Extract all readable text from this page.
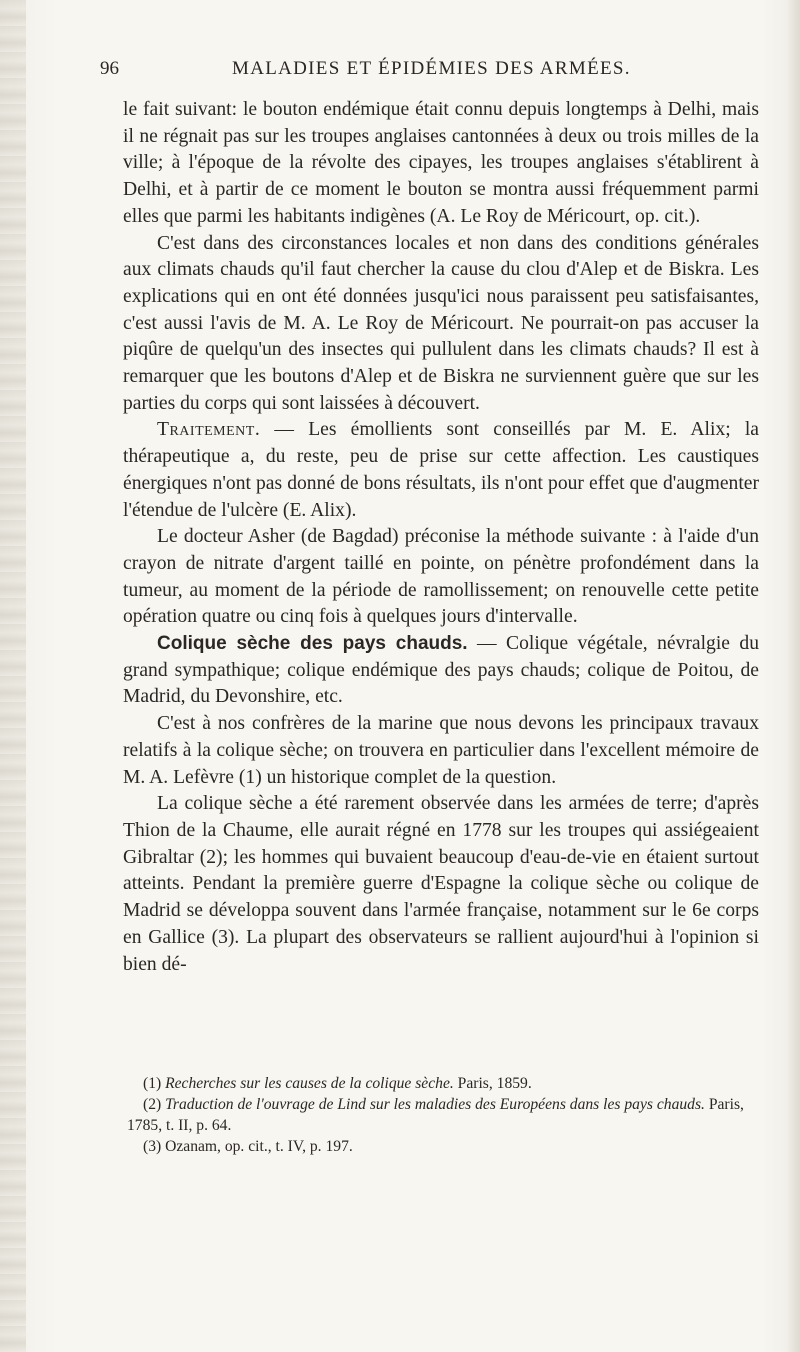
96	MALADIES ET ÉPIDÉMIES DES ARMÉES.

le fait suivant: le bouton endémique était connu depuis longtemps à Delhi, mais il ne régnait pas sur les troupes anglaises cantonnées à deux ou trois milles de la ville; à l'époque de la révolte des cipayes, les troupes anglaises s'établirent à Delhi, et à partir de ce moment le bouton se montra aussi fréquemment parmi elles que parmi les habitants indigènes (A. Le Roy de Méricourt, op. cit.).

C'est dans des circonstances locales et non dans des conditions générales aux climats chauds qu'il faut chercher la cause du clou d'Alep et de Biskra. Les explications qui en ont été données jusqu'ici nous paraissent peu satisfaisantes, c'est aussi l'avis de M. A. Le Roy de Méricourt. Ne pourrait-on pas accuser la piqûre de quelqu'un des insectes qui pullulent dans les climats chauds? Il est à remarquer que les boutons d'Alep et de Biskra ne surviennent guère que sur les parties du corps qui sont laissées à découvert.

Traitement. — Les émollients sont conseillés par M. E. Alix; la thérapeutique a, du reste, peu de prise sur cette affection. Les caustiques énergiques n'ont pas donné de bons résultats, ils n'ont pour effet que d'augmenter l'étendue de l'ulcère (E. Alix).

Le docteur Asher (de Bagdad) préconise la méthode suivante : à l'aide d'un crayon de nitrate d'argent taillé en pointe, on pénètre profondément dans la tumeur, au moment de la période de ramollissement; on renouvelle cette petite opération quatre ou cinq fois à quelques jours d'intervalle.

Colique sèche des pays chauds. — Colique végétale, névralgie du grand sympathique; colique endémique des pays chauds; colique de Poitou, de Madrid, du Devonshire, etc.

C'est à nos confrères de la marine que nous devons les principaux travaux relatifs à la colique sèche; on trouvera en particulier dans l'excellent mémoire de M. A. Lefèvre (1) un historique complet de la question.

La colique sèche a été rarement observée dans les armées de terre; d'après Thion de la Chaume, elle aurait régné en 1778 sur les troupes qui assiégeaient Gibraltar (2); les hommes qui buvaient beaucoup d'eau-de-vie en étaient surtout atteints. Pendant la première guerre d'Espagne la colique sèche ou colique de Madrid se développa souvent dans l'armée française, notamment sur le 6e corps en Gallice (3). La plupart des observateurs se rallient aujourd'hui à l'opinion si bien dé-

(1) Recherches sur les causes de la colique sèche. Paris, 1859.

(2) Traduction de l'ouvrage de Lind sur les maladies des Européens dans les pays chauds. Paris, 1785, t. II, p. 64.

(3) Ozanam, op. cit., t. IV, p. 197.
